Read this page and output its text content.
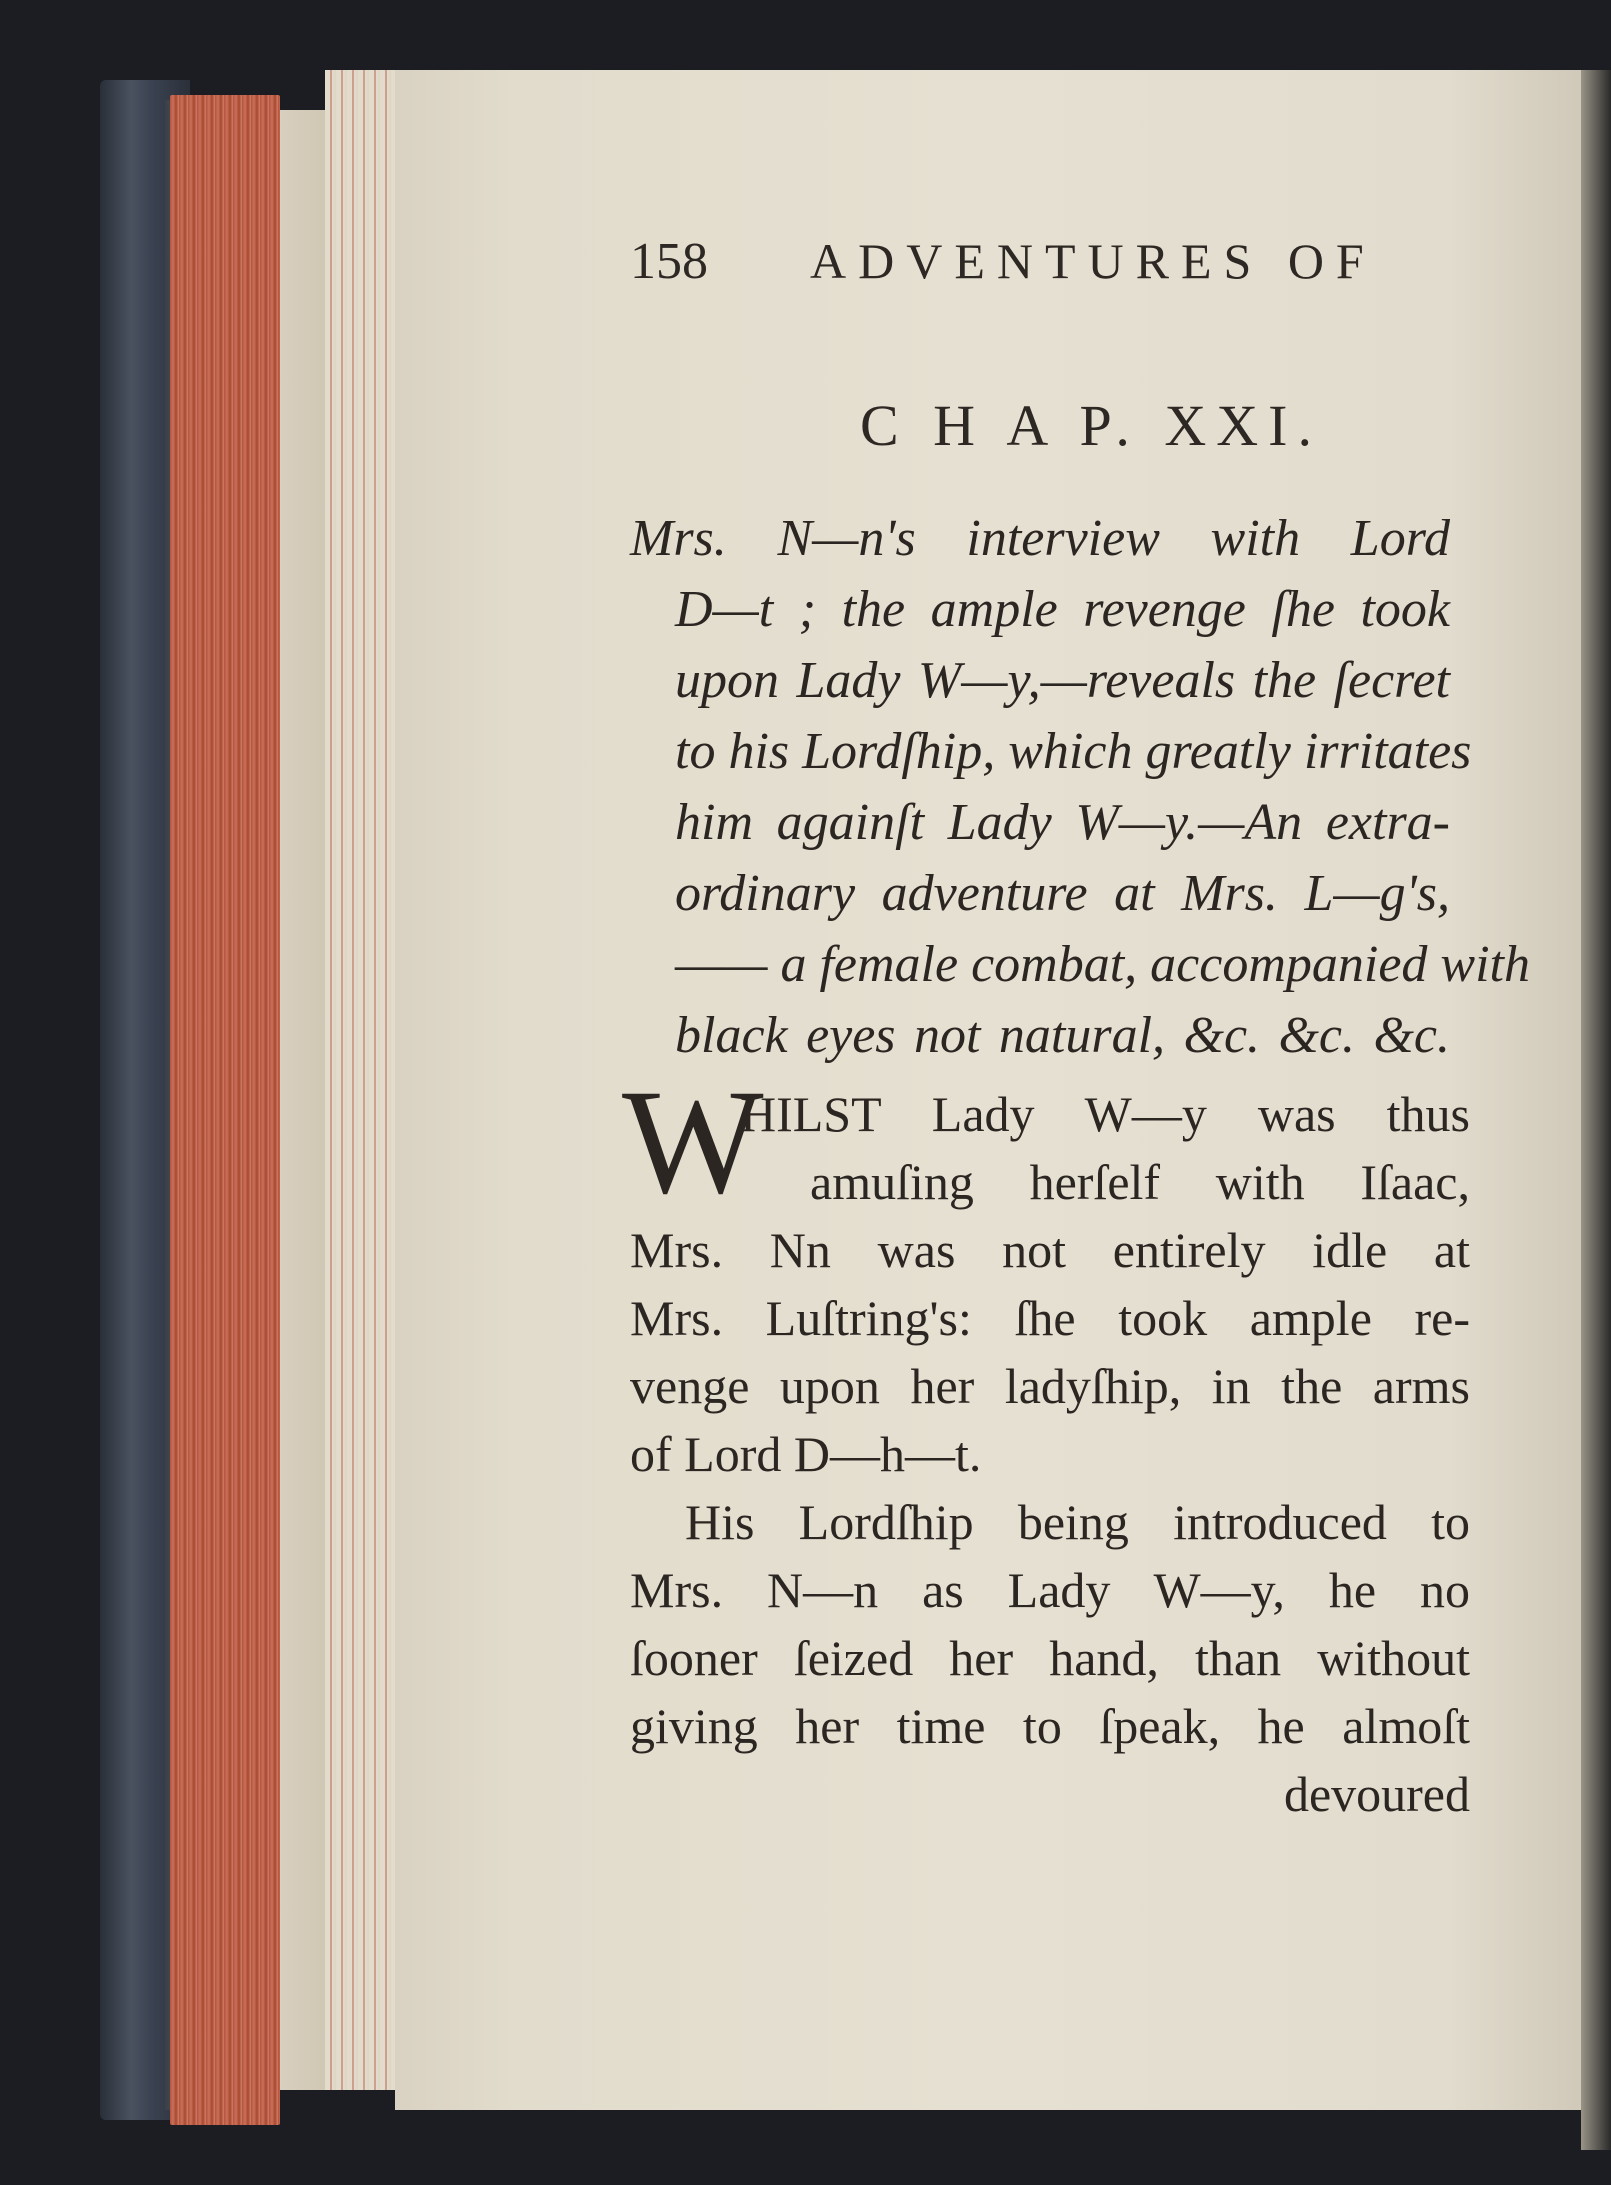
158 ADVENTURES OF
C H A P. XXI.
Mrs. N—n's interview with Lord
D—t ; the ample revenge ſhe took
upon Lady W—y,—reveals the ſecret
to his Lordſhip, which greatly irritates
him againſt Lady W—y.—An extra-
ordinary adventure at Mrs. L—g's,
—— a female combat, accompanied with
black eyes not natural, &c. &c. &c.
W
HILST Lady W—y was thus
amuſing herſelf with Iſaac,
Mrs. Nn was not entirely idle at
Mrs. Luſtring's: ſhe took ample re-
venge upon her ladyſhip, in the arms
of Lord D—h—t.
His Lordſhip being introduced to
Mrs. N—n as Lady W—y, he no
ſooner ſeized her hand, than without
giving her time to ſpeak, he almoſt
devoured
